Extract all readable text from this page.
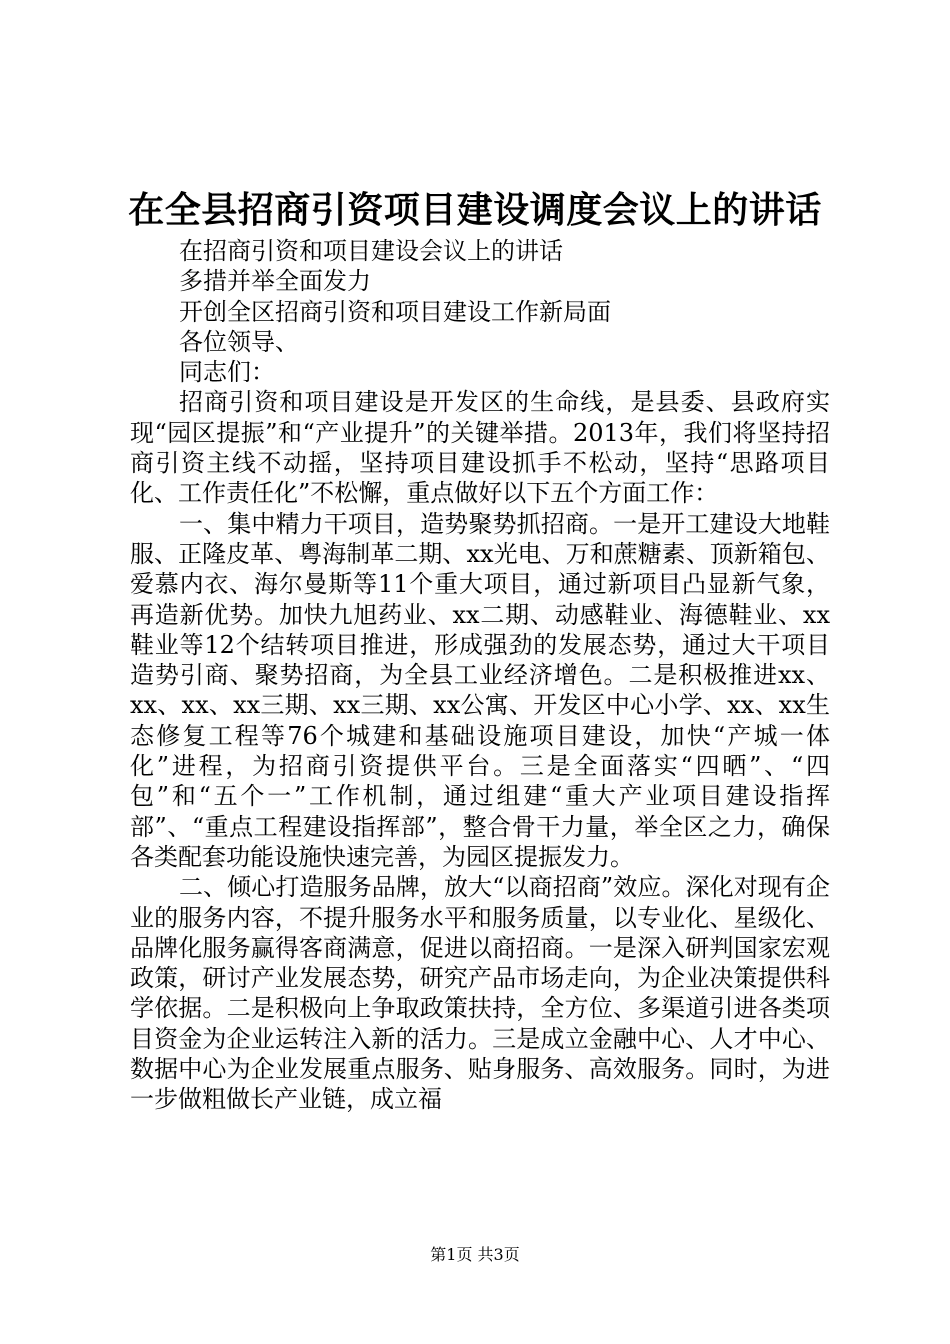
在全县招商引资项目建设调度会议上的讲话
在招商引资和项目建设会议上的讲话
多措并举全面发力
开创全区招商引资和项目建设工作新局面
各位领导、
同志们：

招商引资和项目建设是开发区的生命线，是县委、县政府实现“园区提振”和“产业提升”的关键举措。2013年，我们将坚持招商引资主线不动摇，坚持项目建设抓手不松动，坚持“思路项目化、工作责任化”不松懈，重点做好以下五个方面工作：

一、集中精力干项目，造势聚势抓招商。一是开工建设大地鞋服、正隆皮革、粤海制革二期、xx光电、万和蔗糖素、顶新箱包、爱慕内衣、海尔曼斯等11个重大项目，通过新项目凸显新气象，再造新优势。加快九旭药业、xx二期、动感鞋业、海德鞋业、xx鞋业等12个结转项目推进，形成强劲的发展态势，通过大干项目造势引商、聚势招商，为全县工业经济增色。二是积极推进xx、xx、xx、xx三期、xx三期、xx公寓、开发区中心小学、xx、xx生态修复工程等76个城建和基础设施项目建设，加快“产城一体化”进程，为招商引资提供平台。三是全面落实“四晒”、“四包”和“五个一”工作机制，通过组建“重大产业项目建设指挥部”、“重点工程建设指挥部”，整合骨干力量，举全区之力，确保各类配套功能设施快速完善，为园区提振发力。

二、倾心打造服务品牌，放大“以商招商”效应。深化对现有企业的服务内容，不提升服务水平和服务质量，以专业化、星级化、品牌化服务赢得客商满意，促进以商招商。一是深入研判国家宏观政策，研讨产业发展态势，研究产品市场走向，为企业决策提供科学依据。二是积极向上争取政策扶持，全方位、多渠道引进各类项目资金为企业运转注入新的活力。三是成立金融中心、人才中心、数据中心为企业发展重点服务、贴身服务、高效服务。同时，为进一步做粗做长产业链，成立福

第1页 共3页
